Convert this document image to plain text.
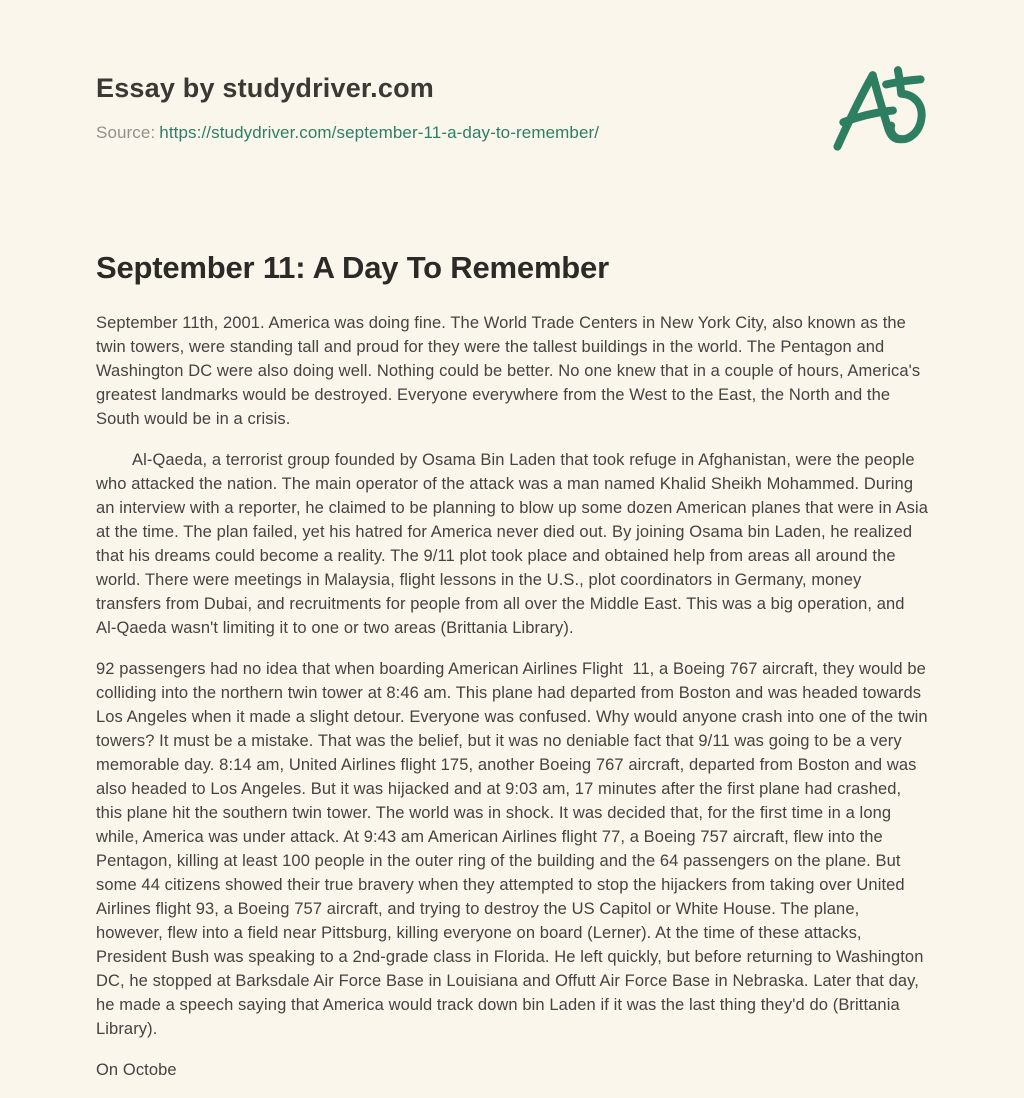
Essay by studydriver.com
Source: https://studydriver.com/september-11-a-day-to-remember/
September 11: A Day To Remember

September 11th, 2001. America was doing fine. The World Trade Centers in New York City, also known as the twin towers, were standing tall and proud for they were the tallest buildings in the world. The Pentagon and Washington DC were also doing well. Nothing could be better. No one knew that in a couple of hours, America's greatest landmarks would be destroyed. Everyone everywhere from the West to the East, the North and the South would be in a crisis.

Al-Qaeda, a terrorist group founded by Osama Bin Laden that took refuge in Afghanistan, were the people who attacked the nation. The main operator of the attack was a man named Khalid Sheikh Mohammed. During an interview with a reporter, he claimed to be planning to blow up some dozen American planes that were in Asia at the time. The plan failed, yet his hatred for America never died out. By joining Osama bin Laden, he realized that his dreams could become a reality. The 9/11 plot took place and obtained help from areas all around the world. There were meetings in Malaysia, flight lessons in the U.S., plot coordinators in Germany, money transfers from Dubai, and recruitments for people from all over the Middle East. This was a big operation, and Al-Qaeda wasn't limiting it to one or two areas (Brittania Library).

92 passengers had no idea that when boarding American Airlines Flight  11, a Boeing 767 aircraft, they would be colliding into the northern twin tower at 8:46 am. This plane had departed from Boston and was headed towards Los Angeles when it made a slight detour. Everyone was confused. Why would anyone crash into one of the twin towers? It must be a mistake. That was the belief, but it was no deniable fact that 9/11 was going to be a very memorable day. 8:14 am, United Airlines flight 175, another Boeing 767 aircraft, departed from Boston and was also headed to Los Angeles. But it was hijacked and at 9:03 am, 17 minutes after the first plane had crashed, this plane hit the southern twin tower. The world was in shock. It was decided that, for the first time in a long while, America was under attack. At 9:43 am American Airlines flight 77, a Boeing 757 aircraft, flew into the Pentagon, killing at least 100 people in the outer ring of the building and the 64 passengers on the plane. But some 44 citizens showed their true bravery when they attempted to stop the hijackers from taking over United Airlines flight 93, a Boeing 757 aircraft, and trying to destroy the US Capitol or White House. The plane, however, flew into a field near Pittsburg, killing everyone on board (Lerner). At the time of these attacks, President Bush was speaking to a 2nd-grade class in Florida. He left quickly, but before returning to Washington DC, he stopped at Barksdale Air Force Base in Louisiana and Offutt Air Force Base in Nebraska. Later that day, he made a speech saying that America would track down bin Laden if it was the last thing they'd do (Brittania Library).

On Octobe
